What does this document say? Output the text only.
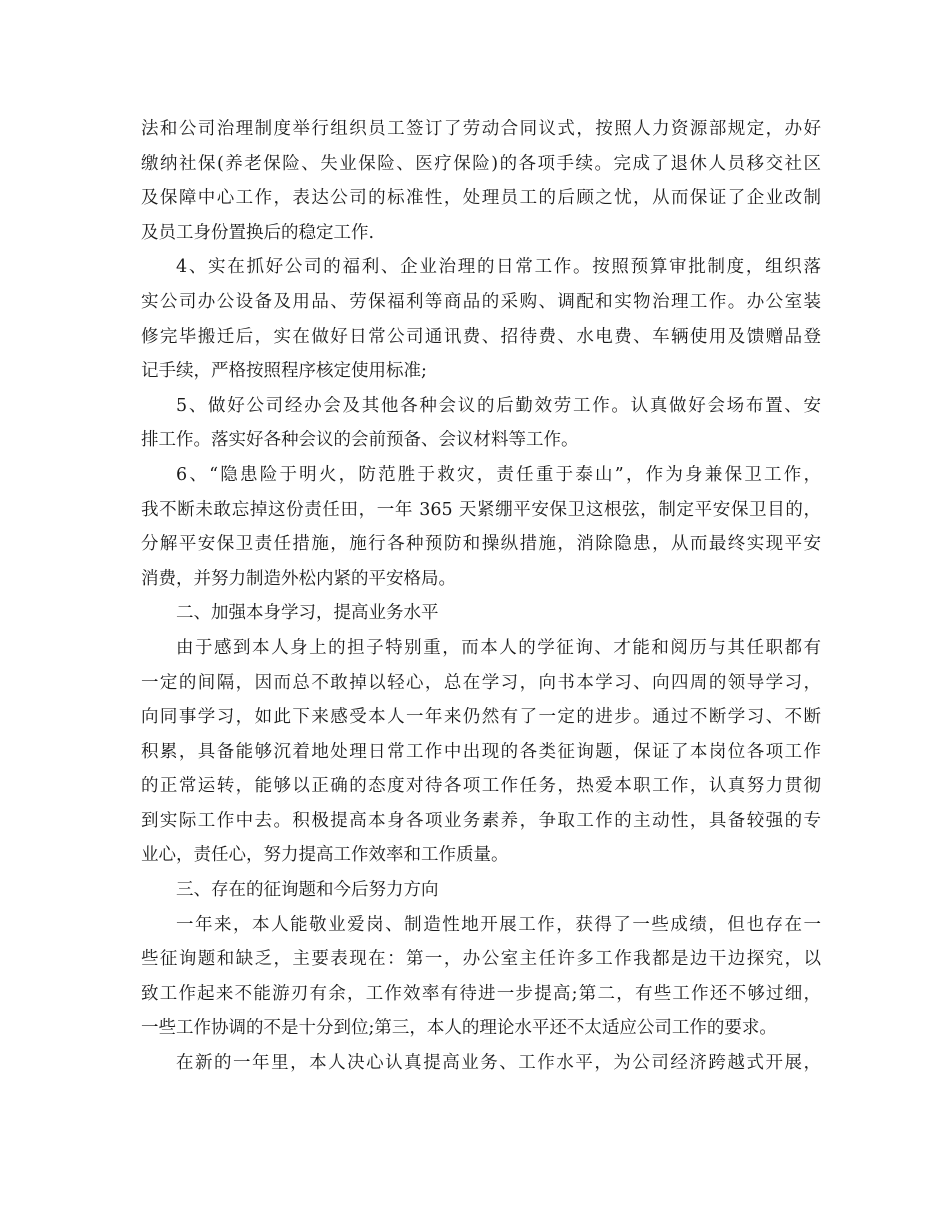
法和公司治理制度举行组织员工签订了劳动合同议式，按照人力资源部规定，办好
缴纳社保(养老保险、失业保险、医疗保险)的各项手续。完成了退休人员移交社区
及保障中心工作，表达公司的标准性，处理员工的后顾之忧，从而保证了企业改制
及员工身份置换后的稳定工作.
4、实在抓好公司的福利、企业治理的日常工作。按照预算审批制度，组织落
实公司办公设备及用品、劳保福利等商品的采购、调配和实物治理工作。办公室装
修完毕搬迁后，实在做好日常公司通讯费、招待费、水电费、车辆使用及馈赠品登
记手续，严格按照程序核定使用标准;
5、做好公司经办会及其他各种会议的后勤效劳工作。认真做好会场布置、安
排工作。落实好各种会议的会前预备、会议材料等工作。
6、“隐患险于明火，防范胜于救灾，责任重于泰山”，作为身兼保卫工作，
我不断未敢忘掉这份责任田，一年 365 天紧绷平安保卫这根弦，制定平安保卫目的，
分解平安保卫责任措施，施行各种预防和操纵措施，消除隐患，从而最终实现平安
消费，并努力制造外松内紧的平安格局。
二、加强本身学习，提高业务水平
由于感到本人身上的担子特别重，而本人的学征询、才能和阅历与其任职都有
一定的间隔，因而总不敢掉以轻心，总在学习，向书本学习、向四周的领导学习，
向同事学习，如此下来感受本人一年来仍然有了一定的进步。通过不断学习、不断
积累，具备能够沉着地处理日常工作中出现的各类征询题，保证了本岗位各项工作
的正常运转，能够以正确的态度对待各项工作任务，热爱本职工作，认真努力贯彻
到实际工作中去。积极提高本身各项业务素养，争取工作的主动性，具备较强的专
业心，责任心，努力提高工作效率和工作质量。
三、存在的征询题和今后努力方向
一年来，本人能敬业爱岗、制造性地开展工作，获得了一些成绩，但也存在一
些征询题和缺乏，主要表现在：第一，办公室主任许多工作我都是边干边探究，以
致工作起来不能游刃有余，工作效率有待进一步提高;第二，有些工作还不够过细，
一些工作协调的不是十分到位;第三，本人的理论水平还不太适应公司工作的要求。
在新的一年里，本人决心认真提高业务、工作水平，为公司经济跨越式开展，
